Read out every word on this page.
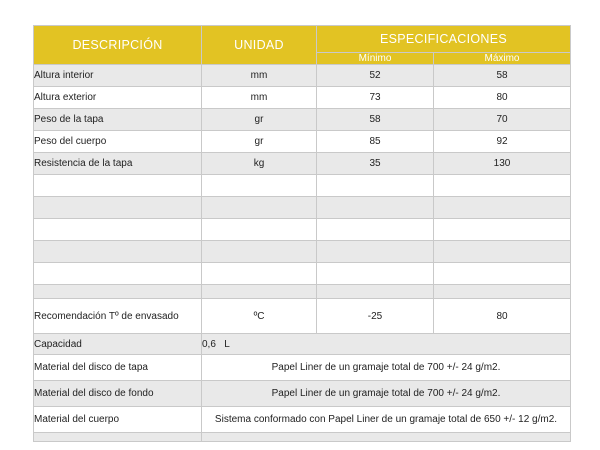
DESCRIPCIÓN	UNIDAD	ESPECIFICACIONES	
		Mínimo	Máximo
Altura interior	mm	52	58
Altura exterior	mm	73	80
Peso de la tapa	gr	58	70
Peso del cuerpo	gr	85	92
Resistencia de la tapa	kg	35	130

Recomendación Tº de envasado	ºC	-25	80
Capacidad	0,6 L		
Material del disco de tapa	Papel Liner de un gramaje total de 700 +/- 24 g/m2.		
Material del disco de fondo	Papel Liner de un gramaje total de 700 +/- 24 g/m2.		
Material del cuerpo	Sistema conformado con Papel Liner de un gramaje total de 650 +/- 12 g/m2.		
